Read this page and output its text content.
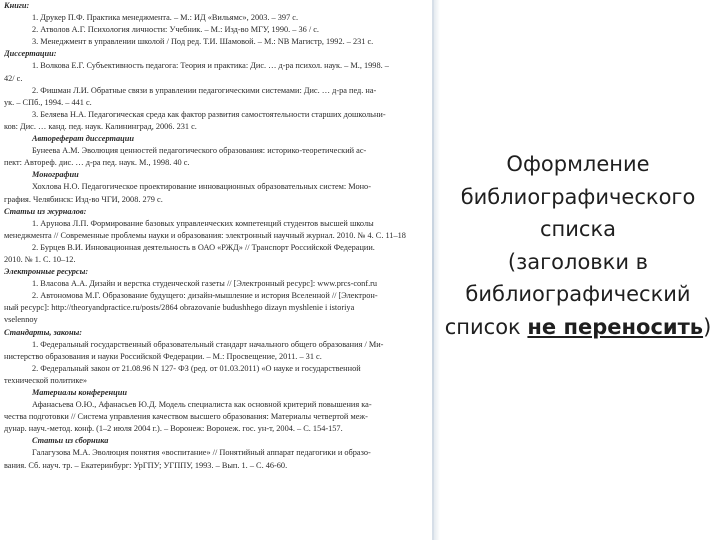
Книги:
1. Друкер П.Ф. Практика менеджмента. – М.: ИД «Вильямс», 2003. – 397 с.
2. Атволов А.Г. Психология личности: Учебник. – М.: Изд-во МГУ, 1990. – 36 / с.
3. Менеджмент в управлении школой / Под ред. Т.И. Шамовой. – М.: NB Магистр, 1992. – 231 с.
Диссертации:
1. Волкова Е.Г. Субъективность педагога: Теория и практика: Дис. … д-ра психол. наук. – М., 1998. –
42/ с.
2. Фишман Л.И. Обратные связи в управлении педагогическими системами: Дис. … д-ра пед. на-
ук. – СПб., 1994. – 441 с.
3. Беляева Н.А. Педагогическая среда как фактор развития самостоятельности старших дошкольни-
ков: Дис. … канд. пед. наук. Калининград, 2006. 231 с.
Автореферат диссертации
Бунеева А.М. Эволюция ценностей педагогического образования: историко-теоретический ас-
пект: Автореф. дис. … д-ра пед. наук. М., 1998. 40 с.
Монографии
Хохлова Н.О. Педагогическое проектирование инновационных образовательных систем: Моно-
графия. Челябинск: Изд-во ЧГИ, 2008. 279 с.
Статьи из журналов:
1. Арунова Л.П. Формирование базовых управленческих компетенций студентов высшей школы
менеджмента // Современные проблемы науки и образования: электронный научный журнал. 2010. № 4. С. 11–18
2. Бурцев В.И. Инновационная деятельность в ОАО «РЖД» // Транспорт Российской Федерации.
2010. № 1. С. 10–12.
Электронные ресурсы:
1. Власова А.А. Дизайн и верстка студенческой газеты // [Электронный ресурс]: www.prcs-conf.ru
2. Автономова М.Г. Образование будущего: дизайн-мышление и история Вселенной // [Электрон-
ный ресурс]: http://theoryandpractice.ru/posts/2864 obrazovanie budushhego dizayn myshlenie i istoriya
vselennoy
Стандарты, законы:
1. Федеральный государственный образовательный стандарт начального общего образования / Ми-
нистерство образования и науки Российской Федерации. – М.: Просвещение, 2011. – 31 с.
2. Федеральный закон от 21.08.96 N 127- ФЗ (ред. от 01.03.2011) «О науке и государственной
технической политике»
Материалы конференции
Афанасьева О.Ю., Афанасьев Ю.Д. Модель специалиста как основной критерий повышения ка-
чества подготовки // Система управления качеством высшего образования: Материалы четвертой меж-
дунар. науч.-метод. конф. (1–2 июля 2004 г.). – Воронеж: Воронеж. гос. ун-т, 2004. – С. 154-157.
Статьи из сборника
Галагузова М.А. Эволюция понятия «воспитание» // Понятийный аппарат педагогики и образо-
вания. Сб. науч. тр. – Екатеринбург: УрГПУ; УГППУ, 1993. – Вып. 1. – С. 46-60.
Оформление
библиографического
списка
(заголовки в
библиографический
список не переносить)
